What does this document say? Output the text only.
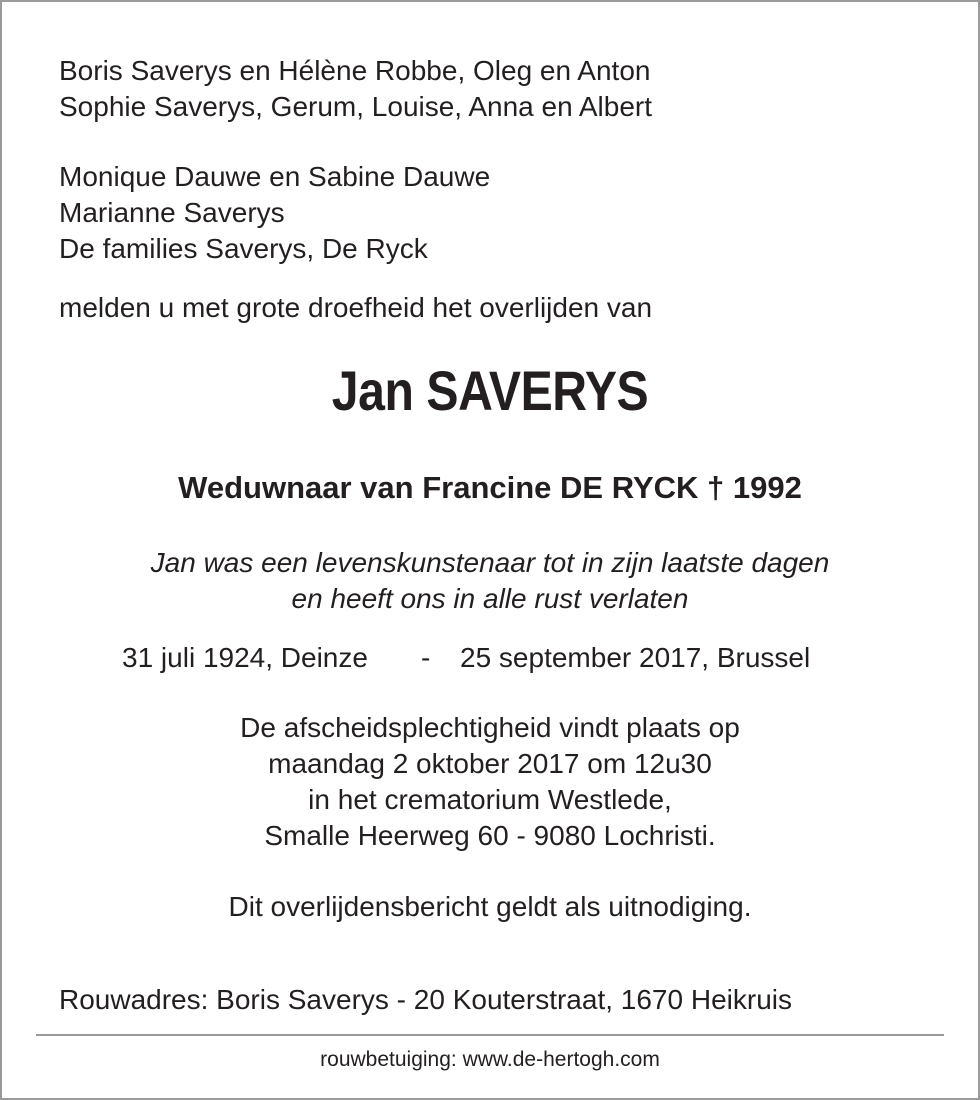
Boris Saverys en Hélène Robbe, Oleg en Anton
Sophie Saverys, Gerum, Louise, Anna en Albert
Monique Dauwe en Sabine Dauwe
Marianne Saverys
De families Saverys, De Ryck
melden u met grote droefheid het overlijden van
Jan SAVERYS
Weduwnaar van Francine DE RYCK † 1992
Jan was een levenskunstenaar tot in zijn laatste dagen
en heeft ons in alle rust verlaten
31 juli 1924, Deinze - 25 september 2017, Brussel
De afscheidsplechtigheid vindt plaats op
maandag 2 oktober 2017 om 12u30
in het crematorium Westlede,
Smalle Heerweg 60 - 9080 Lochristi.
Dit overlijdensbericht geldt als uitnodiging.
Rouwadres: Boris Saverys - 20 Kouterstraat, 1670 Heikruis
rouwbetuiging: www.de-hertogh.com
